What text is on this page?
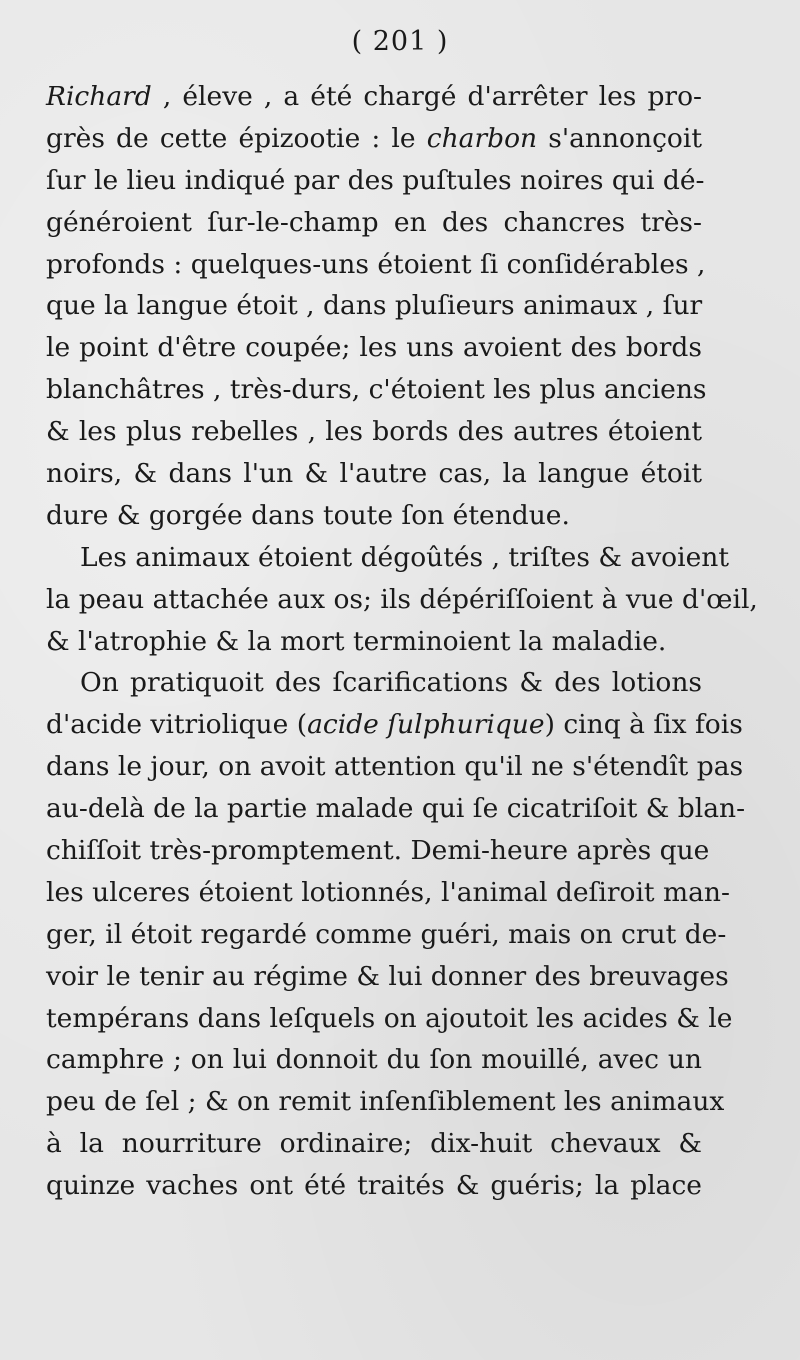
( 201 )
Richard , éleve , a été chargé d'arrêter les pro-
grès de cette épizootie : le charbon s'annonçoit
ſur le lieu indiqué par des puſtules noires qui dé-
généroient ſur-le-champ en des chancres très-
profonds : quelques-uns étoient ſi conſidérables ,
que la langue étoit , dans pluſieurs animaux , ſur
le point d'être coupée; les uns avoient des bords
blanchâtres , très-durs, c'étoient les plus anciens
& les plus rebelles , les bords des autres étoient
noirs, & dans l'un & l'autre cas, la langue étoit
dure & gorgée dans toute ſon étendue.
Les animaux étoient dégoûtés , triſtes & avoient
la peau attachée aux os; ils dépériſſoient à vue d'œil,
& l'atrophie & la mort terminoient la maladie.
On pratiquoit des ſcarifications & des lotions
d'acide vitriolique (acide ſulphurique) cinq à ſix fois
dans le jour, on avoit attention qu'il ne s'étendît pas
au-delà de la partie malade qui ſe cicatriſoit & blan-
chiſſoit très-promptement. Demi-heure après que
les ulceres étoient lotionnés, l'animal deſiroit man-
ger, il étoit regardé comme guéri, mais on crut de-
voir le tenir au régime & lui donner des breuvages
tempérans dans leſquels on ajoutoit les acides & le
camphre ; on lui donnoit du ſon mouillé, avec un
peu de ſel ; & on remit inſenſiblement les animaux
à la nourriture ordinaire; dix-huit chevaux &
quinze vaches ont été traités & guéris; la place
